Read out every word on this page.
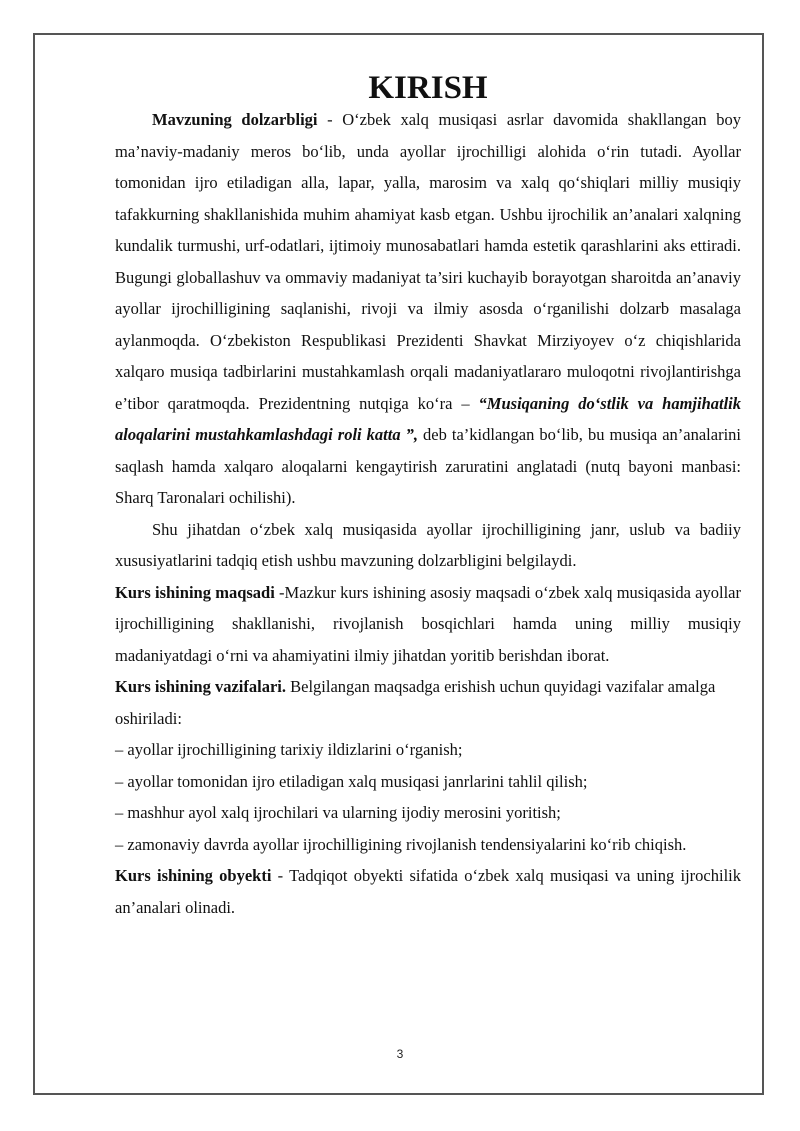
KIRISH

Mavzuning dolzarbligi - O‘zbek xalq musiqasi asrlar davomida shakllangan boy ma’naviy-madaniy meros bo‘lib, unda ayollar ijrochilligi alohida o‘rin tutadi. Ayollar tomonidan ijro etiladigan alla, lapar, yalla, marosim va xalq qo‘shiqlari milliy musiqiy tafakkurning shakllanishida muhim ahamiyat kasb etgan. Ushbu ijrochilik an’analari xalqning kundalik turmushi, urf-odatlari, ijtimoiy munosabatlari hamda estetik qarashlarini aks ettiradi. Bugungi globallashuv va ommaviy madaniyat ta’siri kuchayib borayotgan sharoitda an’anaviy ayollar ijrochilligining saqlanishi, rivoji va ilmiy asosda o‘rganilishi dolzarb masalaga aylanmoqda. O‘zbekiston Respublikasi Prezidenti Shavkat Mirziyoyev o‘z chiqishlarida xalqaro musiqa tadbirlarini mustahkamlash orqali madaniyatlararo muloqotni rivojlantirishga e’tibor qaratmoqda. Prezidentning nutqiga ko‘ra – “Musiqaning do‘stlik va hamjihatlik aloqalarini mustahkamlashdagi roli katta ”, deb ta’kidlangan bo‘lib, bu musiqa an’analarini saqlash hamda xalqaro aloqalarni kengaytirish zaruratini anglatadi (nutq bayoni manbasi: Sharq Taronalari ochilishi).

Shu jihatdan o‘zbek xalq musiqasida ayollar ijrochilligining janr, uslub va badiiy xususiyatlarini tadqiq etish ushbu mavzuning dolzarbligini belgilaydi.

Kurs ishining maqsadi -Mazkur kurs ishining asosiy maqsadi o‘zbek xalq musiqasida ayollar ijrochilligining shakllanishi, rivojlanish bosqichlari hamda uning milliy musiqiy madaniyatdagi o‘rni va ahamiyatini ilmiy jihatdan yoritib berishdan iborat.

Kurs ishining vazifalari. Belgilangan maqsadga erishish uchun quyidagi vazifalar amalga oshiriladi:

– ayollar ijrochilligining tarixiy ildizlarini o‘rganish;

– ayollar tomonidan ijro etiladigan xalq musiqasi janrlarini tahlil qilish;

– mashhur ayol xalq ijrochilari va ularning ijodiy merosini yoritish;

– zamonaviy davrda ayollar ijrochilligining rivojlanish tendensiyalarini ko‘rib chiqish.

Kurs ishining obyekti - Tadqiqot obyekti sifatida o‘zbek xalq musiqasi va uning ijrochilik an’analari olinadi.

3
